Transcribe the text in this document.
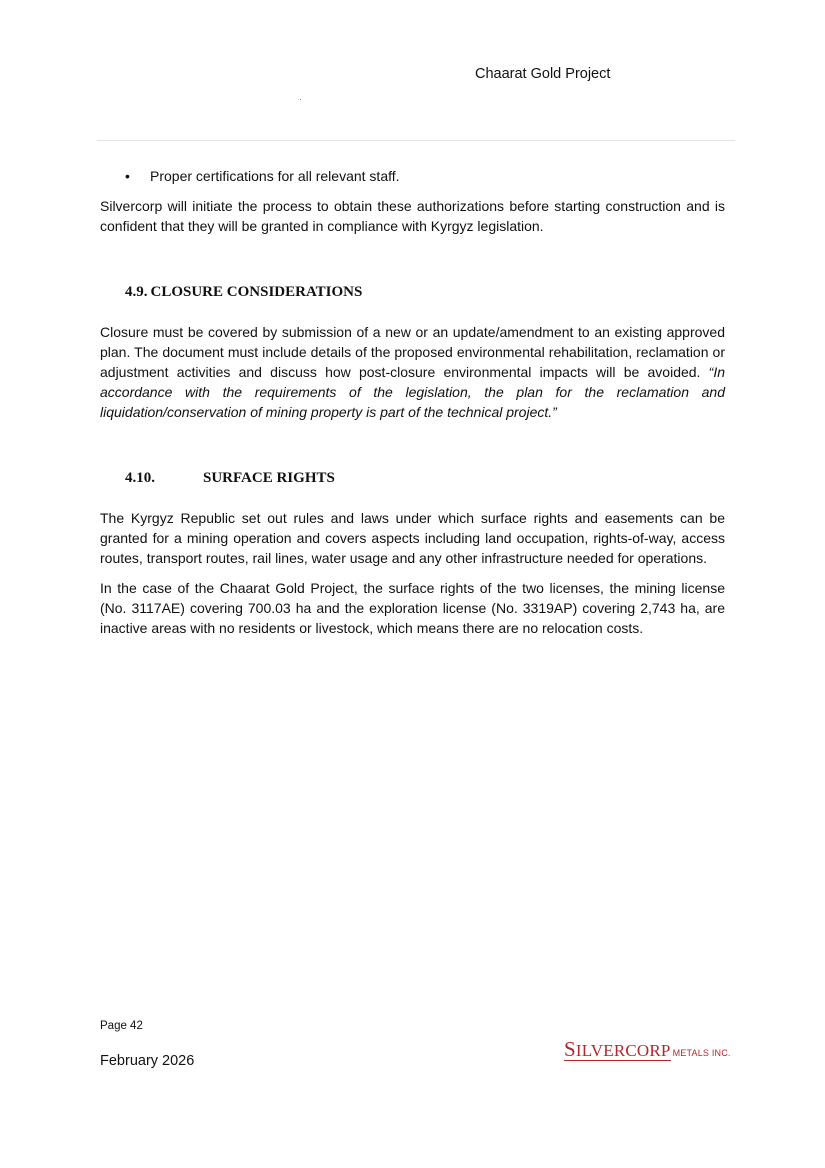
Chaarat Gold Project
• Proper certifications for all relevant staff.

Silvercorp will initiate the process to obtain these authorizations before starting construction and is confident that they will be granted in compliance with Kyrgyz legislation.

4.9. CLOSURE CONSIDERATIONS

Closure must be covered by submission of a new or an update/amendment to an existing approved plan. The document must include details of the proposed environmental rehabilitation, reclamation or adjustment activities and discuss how post-closure environmental impacts will be avoided. “In accordance with the requirements of the legislation, the plan for the reclamation and liquidation/conservation of mining property is part of the technical project.”

4.10.	SURFACE RIGHTS

The Kyrgyz Republic set out rules and laws under which surface rights and easements can be granted for a mining operation and covers aspects including land occupation, rights-of-way, access routes, transport routes, rail lines, water usage and any other infrastructure needed for operations.

In the case of the Chaarat Gold Project, the surface rights of the two licenses, the mining license (No. 3117AE) covering 700.03 ha and the exploration license (No. 3319AP) covering 2,743 ha, are inactive areas with no residents or livestock, which means there are no relocation costs.

Page 42
February 2026	SILVERCORP METALS INC.
